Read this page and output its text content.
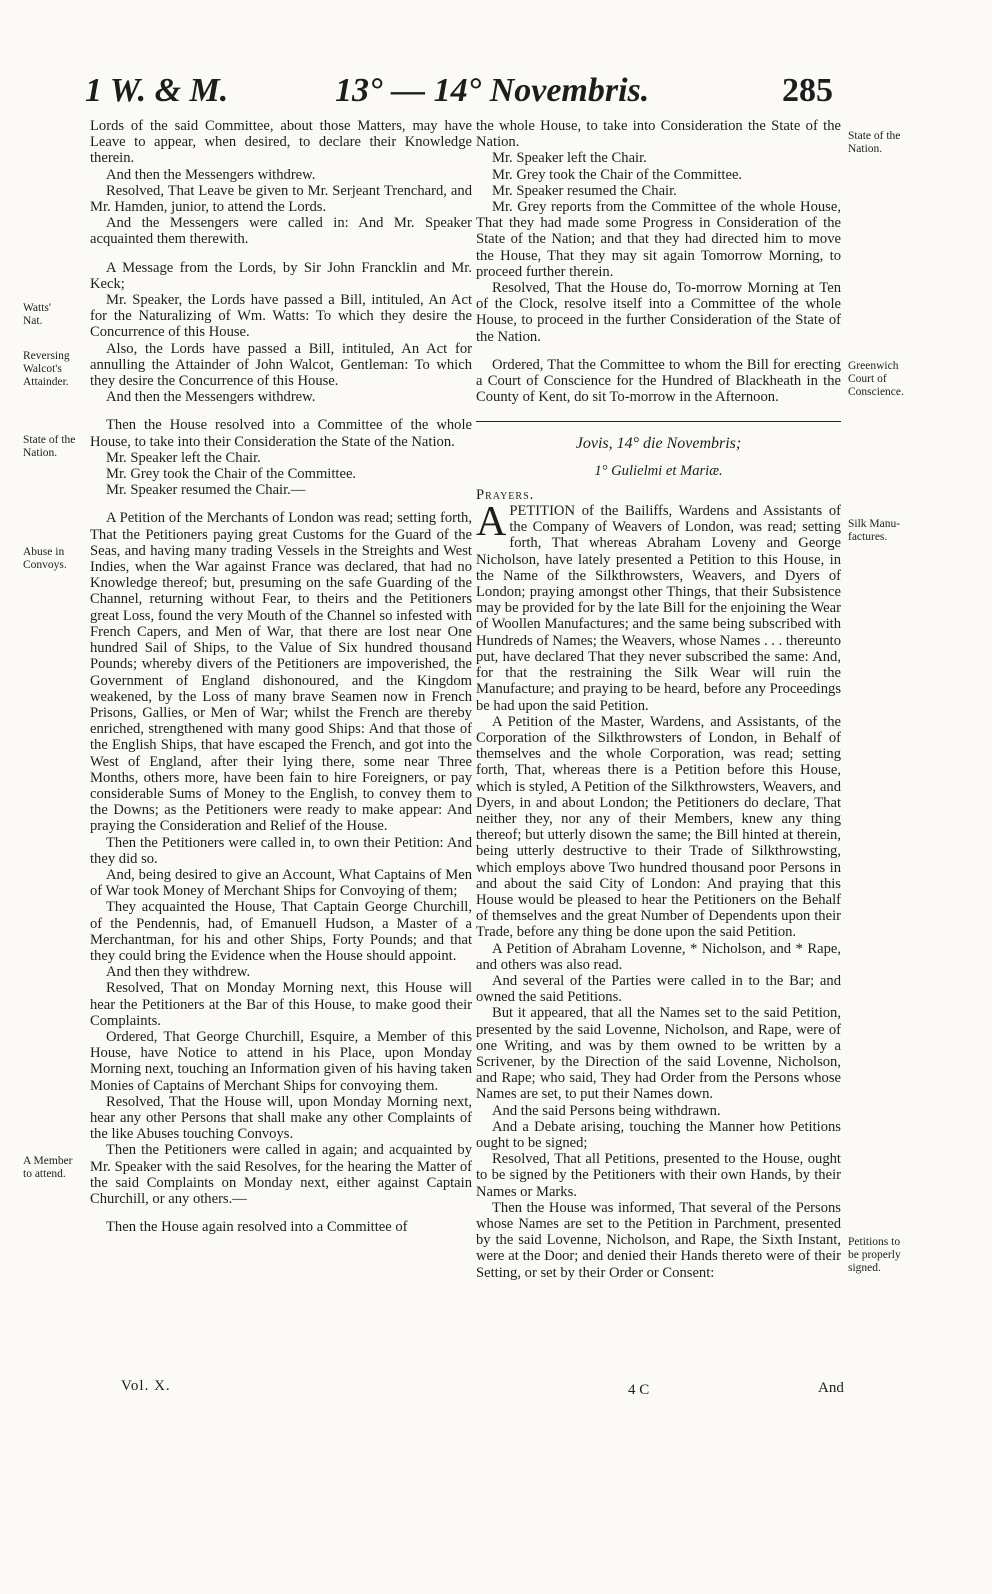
1 W. & M.	13° — 14° Novembris.	285
Watts'
Nat.
Reversing
Walcot's
Attainder.
State of the
Nation.
Abuse in
Convoys.
A Member
to attend.
State of the
Nation.
Greenwich
Court of
Conscience.
Silk Manu-
factures.
Petitions to
be properly
signed.

Lords of the said Committee, about those Matters, may have Leave to appear, when desired, to declare their Knowledge therein.

And then the Messengers withdrew.

Resolved, That Leave be given to Mr. Serjeant Trenchard, and Mr. Hamden, junior, to attend the Lords.

And the Messengers were called in: And Mr. Speaker acquainted them therewith.

A Message from the Lords, by Sir John Francklin and Mr. Keck;

Mr. Speaker, the Lords have passed a Bill, intituled, An Act for the Naturalizing of Wm. Watts: To which they desire the Concurrence of this House.

Also, the Lords have passed a Bill, intituled, An Act for annulling the Attainder of John Walcot, Gentleman: To which they desire the Concurrence of this House.

And then the Messengers withdrew.

Then the House resolved into a Committee of the whole House, to take into their Consideration the State of the Nation.

Mr. Speaker left the Chair.

Mr. Grey took the Chair of the Committee.

Mr. Speaker resumed the Chair.—

A Petition of the Merchants of London was read; setting forth, That the Petitioners paying great Customs for the Guard of the Seas, and having many trading Vessels in the Streights and West Indies, when the War against France was declared, that had no Knowledge thereof; but, presuming on the safe Guarding of the Channel, returning without Fear, to theirs and the Petitioners great Loss, found the very Mouth of the Channel so infested with French Capers, and Men of War, that there are lost near One hundred Sail of Ships, to the Value of Six hundred thousand Pounds; whereby divers of the Petitioners are impoverished, the Government of England dishonoured, and the Kingdom weakened, by the Loss of many brave Seamen now in French Prisons, Gallies, or Men of War; whilst the French are thereby enriched, strengthened with many good Ships: And that those of the English Ships, that have escaped the French, and got into the West of England, after their lying there, some near Three Months, others more, have been fain to hire Foreigners, or pay considerable Sums of Money to the English, to convey them to the Downs; as the Petitioners were ready to make appear: And praying the Consideration and Relief of the House.

Then the Petitioners were called in, to own their Petition: And they did so.

And, being desired to give an Account, What Captains of Men of War took Money of Merchant Ships for Convoying of them;

They acquainted the House, That Captain George Churchill, of the Pendennis, had, of Emanuell Hudson, a Master of a Merchantman, for his and other Ships, Forty Pounds; and that they could bring the Evidence when the House should appoint.

And then they withdrew.

Resolved, That on Monday Morning next, this House will hear the Petitioners at the Bar of this House, to make good their Complaints.

Ordered, That George Churchill, Esquire, a Member of this House, have Notice to attend in his Place, upon Monday Morning next, touching an Information given of his having taken Monies of Captains of Merchant Ships for convoying them.

Resolved, That the House will, upon Monday Morning next, hear any other Persons that shall make any other Complaints of the like Abuses touching Convoys.

Then the Petitioners were called in again; and acquainted by Mr. Speaker with the said Resolves, for the hearing the Matter of the said Complaints on Monday next, either against Captain Churchill, or any others.—

Then the House again resolved into a Committee of

the whole House, to take into Consideration the State of the Nation.

Mr. Speaker left the Chair.

Mr. Grey took the Chair of the Committee.

Mr. Speaker resumed the Chair.

Mr. Grey reports from the Committee of the whole House, That they had made some Progress in Consideration of the State of the Nation; and that they had directed him to move the House, That they may sit again Tomorrow Morning, to proceed further therein.

Resolved, That the House do, To-morrow Morning at Ten of the Clock, resolve itself into a Committee of the whole House, to proceed in the further Consideration of the State of the Nation.

Ordered, That the Committee to whom the Bill for erecting a Court of Conscience for the Hundred of Blackheath in the County of Kent, do sit To-morrow in the Afternoon.

Jovis, 14° die Novembris;

1° Gulielmi et Mariæ.

Prayers.

APETITION of the Bailiffs, Wardens and Assistants of the Company of Weavers of London, was read; setting forth, That whereas Abraham Loveny and George Nicholson, have lately presented a Petition to this House, in the Name of the Silkthrowsters, Weavers, and Dyers of London; praying amongst other Things, that their Subsistence may be provided for by the late Bill for the enjoining the Wear of Woollen Manufactures; and the same being subscribed with Hundreds of Names; the Weavers, whose Names . . . thereunto put, have declared That they never subscribed the same: And, for that the restraining the Silk Wear will ruin the Manufacture; and praying to be heard, before any Proceedings be had upon the said Petition.

A Petition of the Master, Wardens, and Assistants, of the Corporation of the Silkthrowsters of London, in Behalf of themselves and the whole Corporation, was read; setting forth, That, whereas there is a Petition before this House, which is styled, A Petition of the Silkthrowsters, Weavers, and Dyers, in and about London; the Petitioners do declare, That neither they, nor any of their Members, knew any thing thereof; but utterly disown the same; the Bill hinted at therein, being utterly destructive to their Trade of Silkthrowsting, which employs above Two hundred thousand poor Persons in and about the said City of London: And praying that this House would be pleased to hear the Petitioners on the Behalf of themselves and the great Number of Dependents upon their Trade, before any thing be done upon the said Petition.

A Petition of Abraham Lovenne, * Nicholson, and * Rape, and others was also read.

And several of the Parties were called in to the Bar; and owned the said Petitions.

But it appeared, that all the Names set to the said Petition, presented by the said Lovenne, Nicholson, and Rape, were of one Writing, and was by them owned to be written by a Scrivener, by the Direction of the said Lovenne, Nicholson, and Rape; who said, They had Order from the Persons whose Names are set, to put their Names down.

And the said Persons being withdrawn.

And a Debate arising, touching the Manner how Petitions ought to be signed;

Resolved, That all Petitions, presented to the House, ought to be signed by the Petitioners with their own Hands, by their Names or Marks.

Then the House was informed, That several of the Persons whose Names are set to the Petition in Parchment, presented by the said Lovenne, Nicholson, and Rape, the Sixth Instant, were at the Door; and denied their Hands thereto were of their Setting, or set by their Order or Consent:

Vol. X.	4 C	And
